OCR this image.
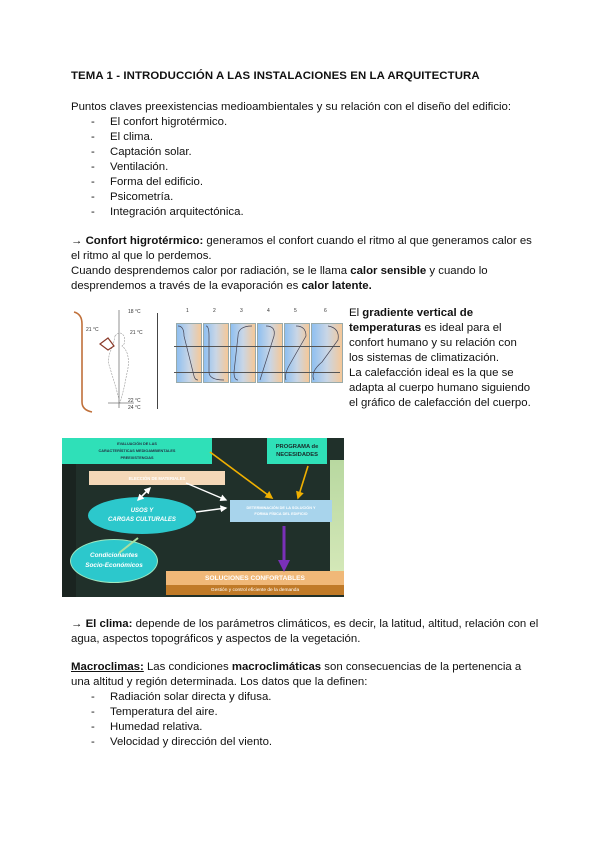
TEMA 1 - INTRODUCCIÓN A LAS INSTALACIONES EN LA ARQUITECTURA
Puntos claves preexistencias medioambientales y su relación con el diseño del edificio:
- El confort higrotérmico.
- El clima.
- Captación solar.
- Ventilación.
- Forma del edificio.
- Psicometría.
- Integración arquitectónica.
→ Confort higrotérmico: generamos el confort cuando el ritmo al que generamos calor es
el ritmo al que lo perdemos.
Cuando desprendemos calor por radiación, se le llama calor sensible y cuando lo
desprendemos a través de la evaporación es calor latente.
18 °C
21 °C	21 °C
22 °C
24 °C
1	2	3	4	5	6 El gradiente vertical de
temperaturas es ideal para el
confort humano y su relación con
los sistemas de climatización.
La calefacción ideal es la que se
adapta al cuerpo humano siguiendo
el gráfico de calefacción del cuerpo.
EVALUACIÓN DE LAS
CARACTERÍSTICAS MEDIOAMBIENTALES
PREEXISTENCIAS
PROGRAMA de
NECESIDADES
ELECCIÓN DE MATERIALES
USOS Y
CARGAS CULTURALES
Condicionantes
Socio-Económicos
DETERMINACIÓN DE LA SOLUCIÓN Y
FORMA FÍSICA DEL EDIFICIO
SOLUCIONES CONFORTABLES
Gestión y control eficiente de la demanda
→ El clima: depende de los parámetros climáticos, es decir, la latitud, altitud, relación con el
agua, aspectos topográficos y aspectos de la vegetación.
Macroclimas: Las condiciones macroclimáticas son consecuencias de la pertenencia a
una altitud y región determinada. Los datos que la definen:
- Radiación solar directa y difusa.
- Temperatura del aire.
- Humedad relativa.
- Velocidad y dirección del viento.
